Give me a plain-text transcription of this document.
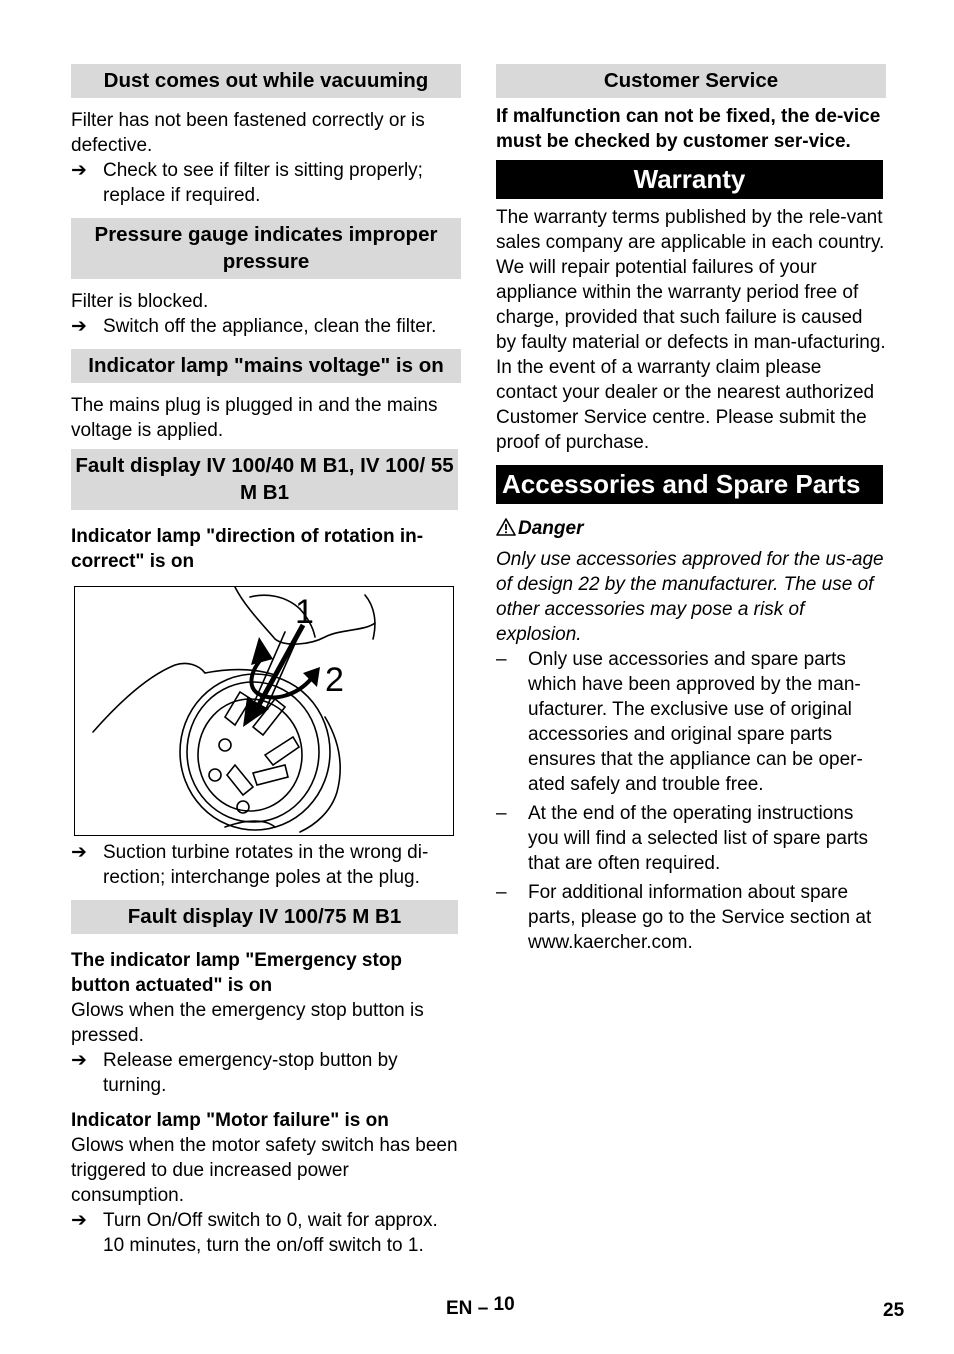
Dust comes out while vacuuming

Filter has not been fastened correctly or is defective.

➔ Check to see if filter is sitting properly; replace if required.
Pressure gauge indicates improper pressure

Filter is blocked.

➔ Switch off the appliance, clean the filter.
Indicator lamp "mains voltage" is on

The mains plug is plugged in and the mains voltage is applied.

Fault display IV 100/40 M B1, IV 100/ 55 M B1

Indicator lamp "direction of rotation in-correct" is on

1
2
➔ Suction turbine rotates in the wrong di-rection; interchange poles at the plug.
Fault display IV 100/75 M B1

The indicator lamp "Emergency stop button actuated" is on

Glows when the emergency stop button is pressed.

➔ Release emergency-stop button by turning.

Indicator lamp "Motor failure" is on

Glows when the motor safety switch has been triggered to due increased power consumption.

➔ Turn On/Off switch to 0, wait for approx. 10 minutes, turn the on/off switch to 1.
Customer Service

If malfunction can not be fixed, the de-vice must be checked by customer ser-vice.

Warranty

The warranty terms published by the rele-vant sales company are applicable in each country. We will repair potential failures of your appliance within the warranty period free of charge, provided that such failure is caused by faulty material or defects in man-ufacturing. In the event of a warranty claim please contact your dealer or the nearest authorized Customer Service centre. Please submit the proof of purchase.

Accessories and Spare Parts

Danger

Only use accessories approved for the us-age of design 22 by the manufacturer. The use of other accessories may pose a risk of explosion.

–	Only use accessories and spare parts which have been approved by the man-ufacturer. The exclusive use of original accessories and original spare parts ensures that the appliance can be oper-ated safely and trouble free.
–	At the end of the operating instructions you will find a selected list of spare parts that are often required.
–	For additional information about spare parts, please go to the Service section at www.kaercher.com.
EN – 10	25
